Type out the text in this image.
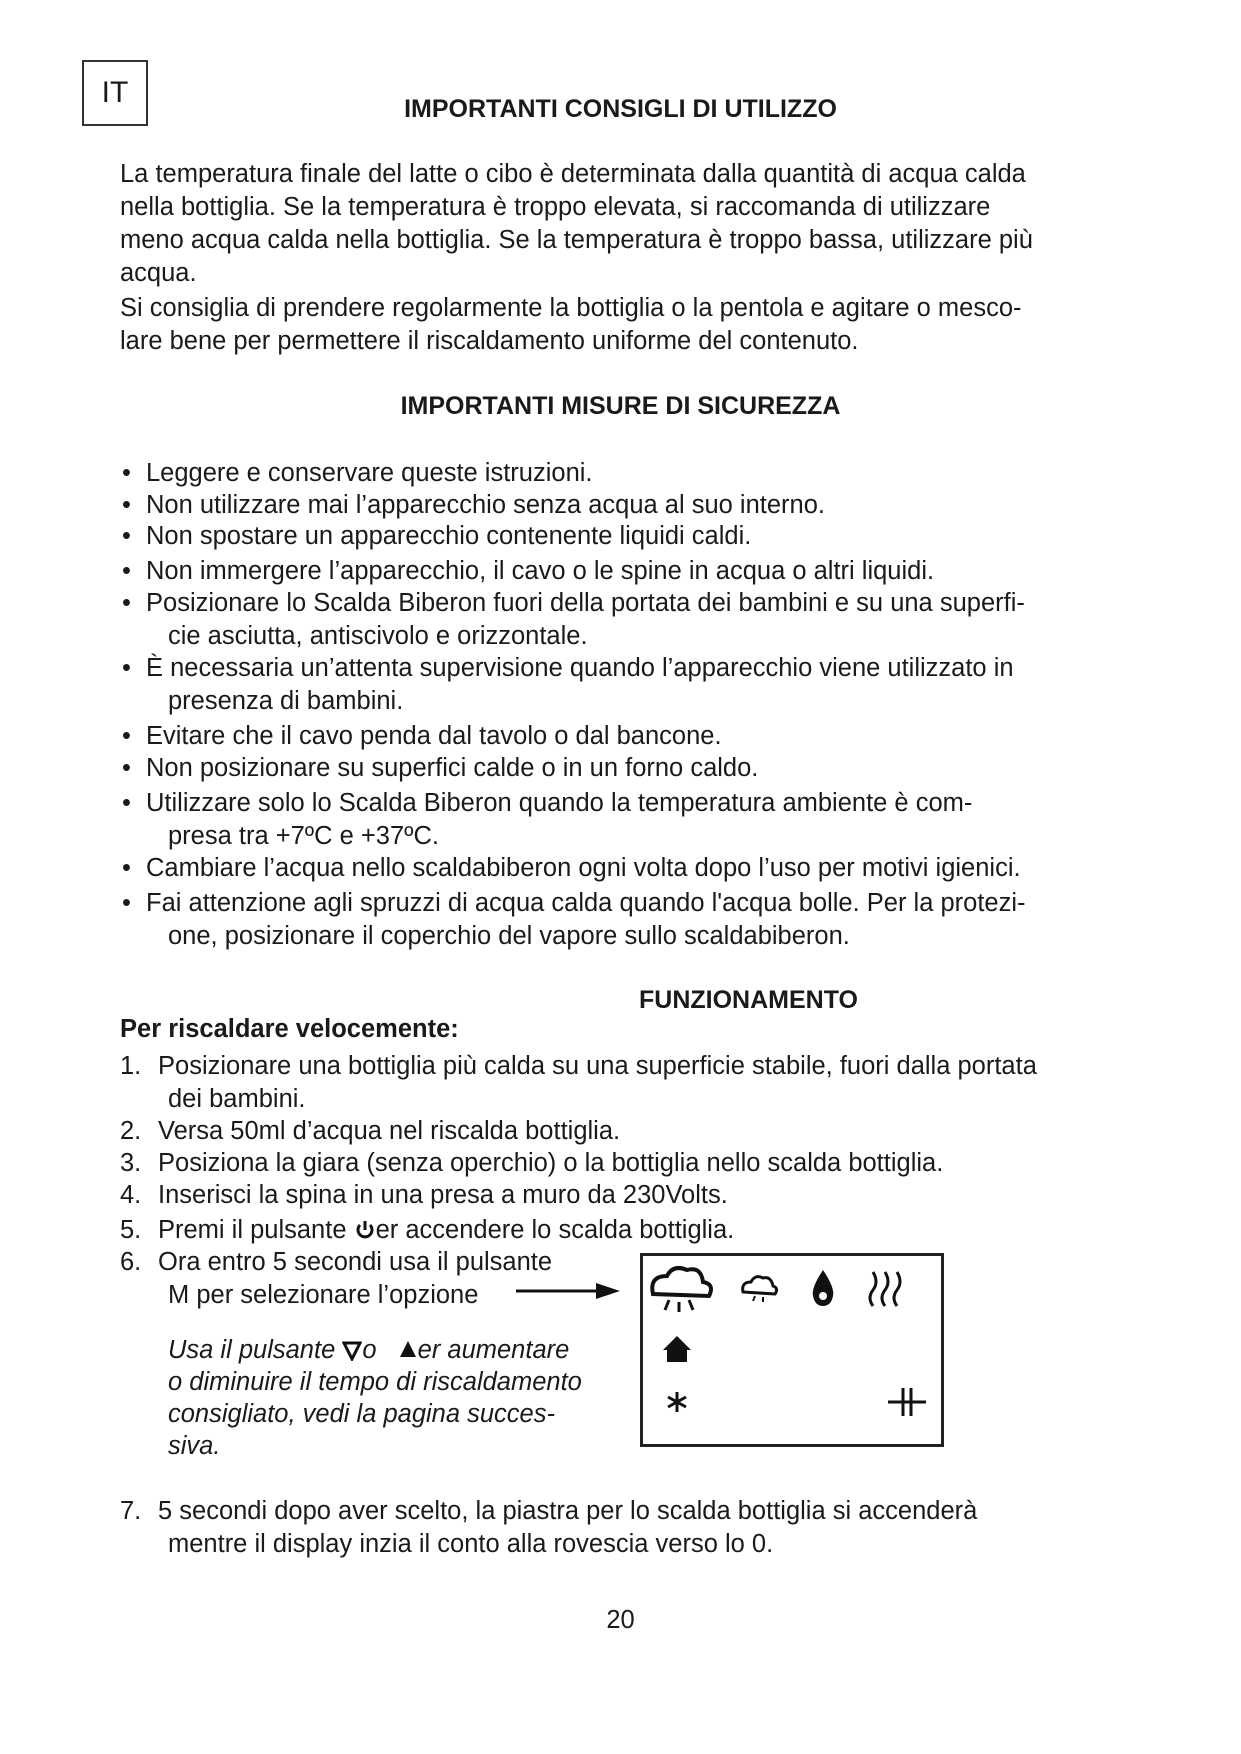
IT	IMPORTANTI CONSIGLI DI UTILIZZO
La temperatura finale del latte o cibo è determinata dalla quantità di acqua calda
nella bottiglia. Se la temperatura è troppo elevata, si raccomanda di utilizzare
meno acqua calda nella bottiglia. Se la temperatura è troppo bassa, utilizzare più
acqua.
Si consiglia di prendere regolarmente la bottiglia o la pentola e agitare o mesco-
lare bene per permettere il riscaldamento uniforme del contenuto.
IMPORTANTI MISURE DI SICUREZZA
• Leggere e conservare queste istruzioni.
• Non utilizzare mai l’apparecchio senza acqua al suo interno.
• Non spostare un apparecchio contenente liquidi caldi.
• Non immergere l’apparecchio, il cavo o le spine in acqua o altri liquidi.
• Posizionare lo Scalda Biberon fuori della portata dei bambini e su una superfi-
cie asciutta, antiscivolo e orizzontale.
• È necessaria un’attenta supervisione quando l’apparecchio viene utilizzato in
presenza di bambini.
• Evitare che il cavo penda dal tavolo o dal bancone.
• Non posizionare su superfici calde o in un forno caldo.
• Utilizzare solo lo Scalda Biberon quando la temperatura ambiente è com-
presa tra +7ºC e +37ºC.
• Cambiare l’acqua nello scaldabiberon ogni volta dopo l’uso per motivi igienici.
• Fai attenzione agli spruzzi di acqua calda quando l'acqua bolle. Per la protezi-
one, posizionare il coperchio del vapore sullo scaldabiberon.
FUNZIONAMENTO
Per riscaldare velocemente:
1. Posizionare una bottiglia più calda su una superficie stabile, fuori dalla portata
dei bambini.
2. Versa 50ml d’acqua nel riscalda bottiglia.
3. Posiziona la giara (senza operchio) o la bottiglia nello scalda bottiglia.
4. Inserisci la spina in una presa a muro da 230Volts.
5. Premi il pulsante er accendere lo scalda bottiglia.
6. Ora entro 5 secondi usa il pulsante
M per selezionare l’opzione
7. 5 secondi dopo aver scelto, la piastra per lo scalda bottiglia si accenderà
mentre il display inzia il conto alla rovescia verso lo 0.
Usa il pulsante o er aumentare
o diminuire il tempo di riscaldamento
consigliato, vedi la pagina succes-
siva.
20
